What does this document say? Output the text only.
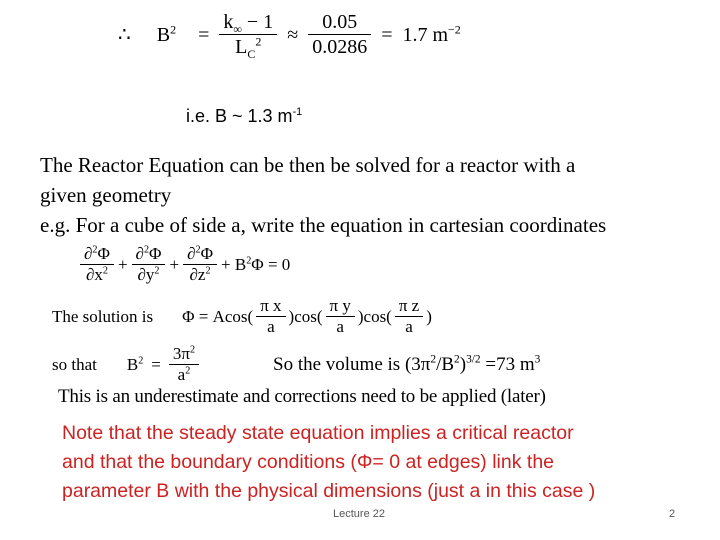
∴ $B^2 = \frac{k_\infty - 1}{L_C^2} \approx \frac{0.05}{0.0286} = 1.7$ $m^{-2}$
i.e. B ~ 1.3 $m^{-1}$
The Reactor Equation can be then be solved for a reactor with a
given geometry
e.g. For a cube of side a, write the equation in cartesian coordinates
$\frac{\partial^2\Phi}{\partial x^2} + \frac{\partial^2\Phi}{\partial y^2} + \frac{\partial^2\Phi}{\partial z^2} + B^2\Phi = 0$
The solution is $\Phi = Acos( \frac{\text{π x}}{a} )\cos( \frac{\text{π y}}{a} )\cos( \frac{\text{π z}}{a}$ )
so that $B^2 = \frac{3\pi^2}{a^2}$	So the volume is $(3\pi^2/B^2)^{3/2} =73$ $m^3$
This is an underestimate and corrections need to be applied (later)
Note that the steady state equation implies a critical reactor
and that the boundary conditions (Φ= 0 at edges) link the
parameter B with the physical dimensions (just a in this case )
Lecture 22	2
